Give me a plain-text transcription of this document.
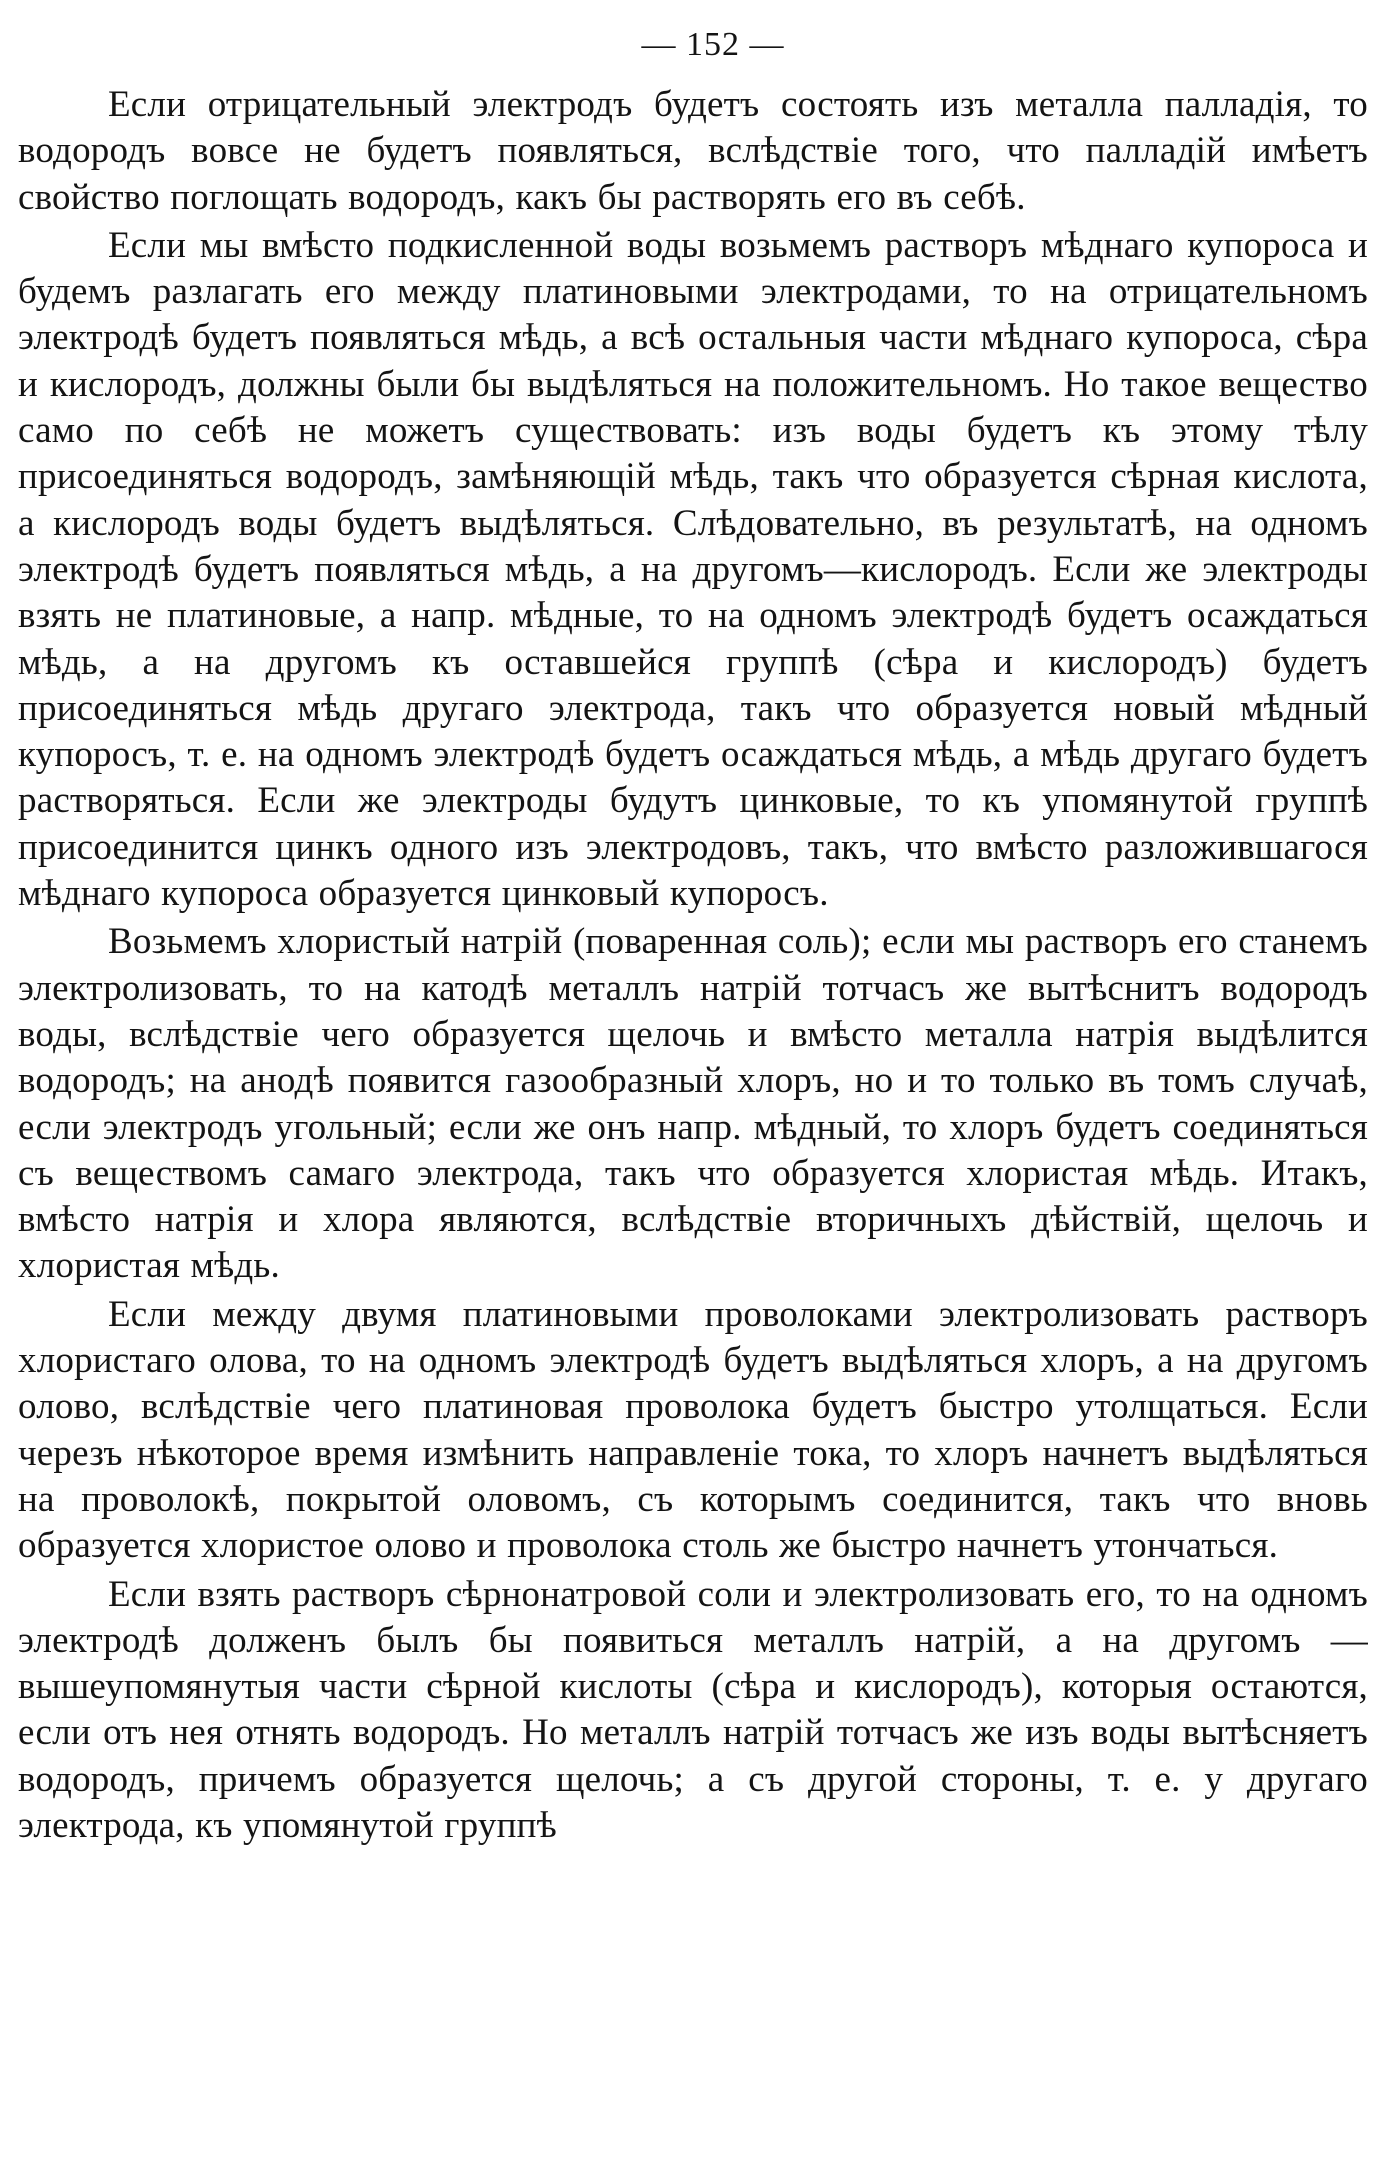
— 152 —

Если отрицательный электродъ будетъ состоять изъ металла палладія, то водородъ вовсе не будетъ появляться, вслѣдствіе того, что палладій имѣетъ свойство поглощать водородъ, какъ бы растворять его въ себѣ.

Если мы вмѣсто подкисленной воды возьмемъ растворъ мѣднаго купороса и будемъ разлагать его между платиновыми электродами, то на отрицательномъ электродѣ будетъ появляться мѣдь, а всѣ остальныя части мѣднаго купороса, сѣра и кислородъ, должны были бы выдѣляться на положительномъ. Но такое вещество само по себѣ не можетъ существовать: изъ воды будетъ къ этому тѣлу присоединяться водородъ, замѣняющій мѣдь, такъ что образуется сѣрная кислота, а кислородъ воды будетъ выдѣляться. Слѣдовательно, въ результатѣ, на одномъ электродѣ будетъ появляться мѣдь, а на другомъ—кислородъ. Если же электроды взять не платиновые, а напр. мѣдные, то на одномъ электродѣ будетъ осаждаться мѣдь, а на другомъ къ оставшейся группѣ (сѣра и кислородъ) будетъ присоединяться мѣдь другаго электрода, такъ что образуется новый мѣдный купоросъ, т. е. на одномъ электродѣ будетъ осаждаться мѣдь, а мѣдь другаго будетъ растворяться. Если же электроды будутъ цинковые, то къ упомянутой группѣ присоединится цинкъ одного изъ электродовъ, такъ, что вмѣсто разложившагося мѣднаго купороса образуется цинковый купоросъ.

Возьмемъ хлористый натрій (поваренная соль); если мы растворъ его станемъ электролизовать, то на катодѣ металлъ натрій тотчасъ же вытѣснитъ водородъ воды, вслѣдствіе чего образуется щелочь и вмѣсто металла натрія выдѣлится водородъ; на анодѣ появится газообразный хлоръ, но и то только въ томъ случаѣ, если электродъ угольный; если же онъ напр. мѣдный, то хлоръ будетъ соединяться съ веществомъ самаго электрода, такъ что образуется хлористая мѣдь. Итакъ, вмѣсто натрія и хлора являются, вслѣдствіе вторичныхъ дѣйствій, щелочь и хлористая мѣдь.

Если между двумя платиновыми проволоками электролизовать растворъ хлористаго олова, то на одномъ электродѣ будетъ выдѣляться хлоръ, а на другомъ олово, вслѣдствіе чего платиновая проволока будетъ быстро утолщаться. Если черезъ нѣкоторое время измѣнить направленіе тока, то хлоръ начнетъ выдѣляться на проволокѣ, покрытой оловомъ, съ которымъ соединится, такъ что вновь образуется хлористое олово и проволока столь же быстро начнетъ утончаться.

Если взять растворъ сѣрнонатровой соли и электролизовать его, то на одномъ электродѣ долженъ былъ бы появиться металлъ натрій, а на другомъ — вышеупомянутыя части сѣрной кислоты (сѣра и кислородъ), которыя остаются, если отъ нея отнять водородъ. Но металлъ натрій тотчасъ же изъ воды вытѣсняетъ водородъ, причемъ образуется щелочь; а съ другой стороны, т. е. у другаго электрода, къ упомянутой группѣ
